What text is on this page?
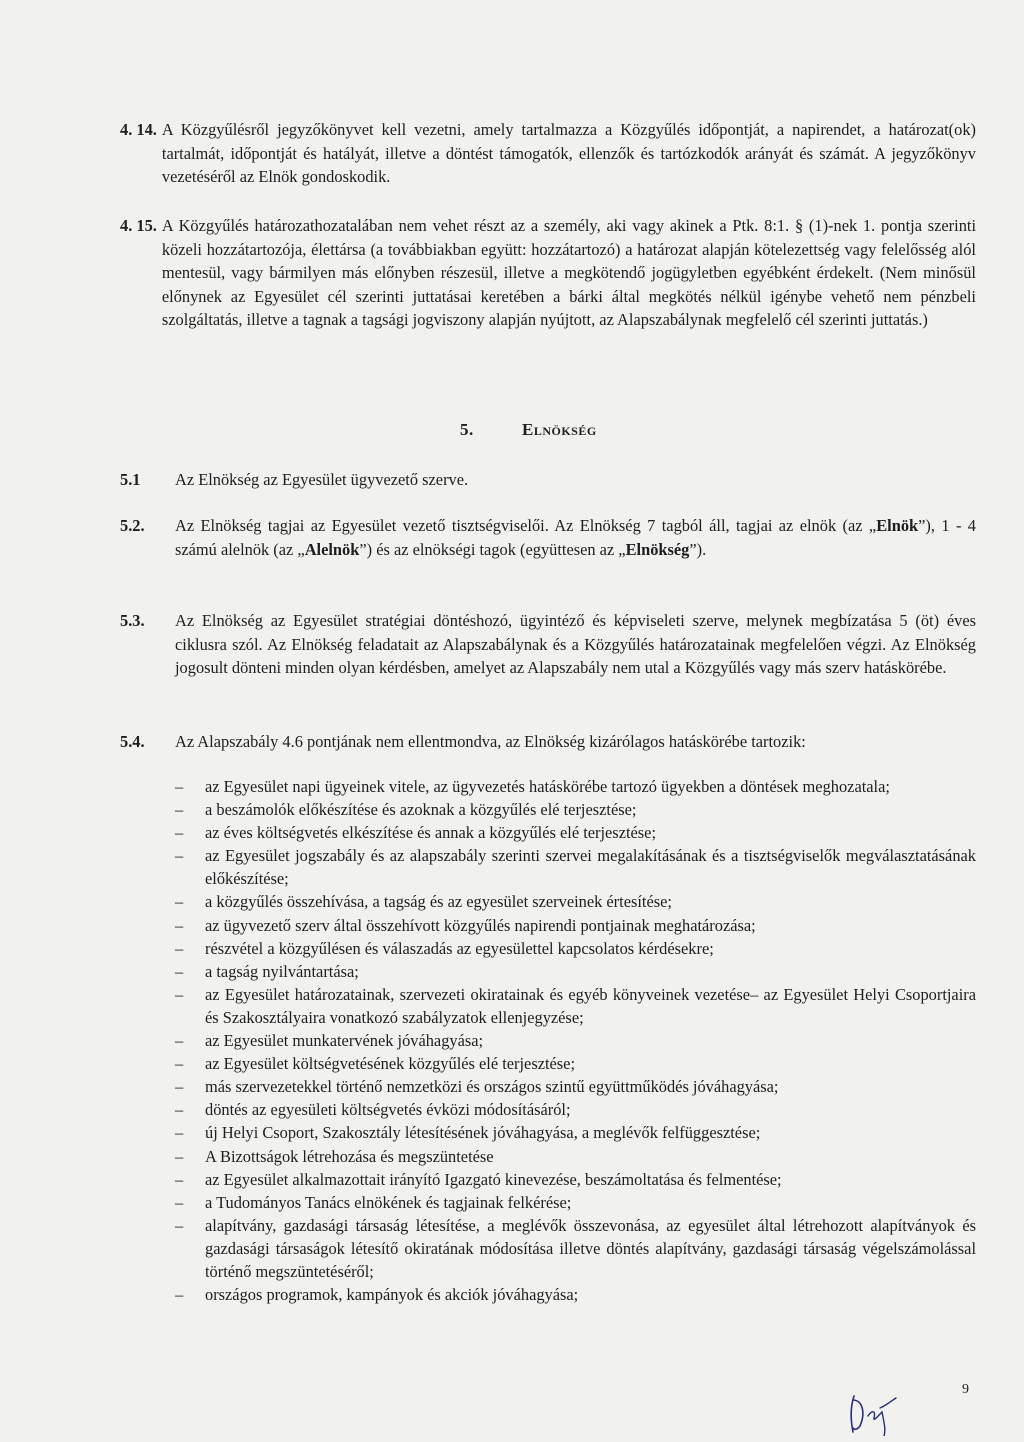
4. 14. A Közgyűlésről jegyzőkönyvet kell vezetni, amely tartalmazza a Közgyűlés időpontját, a napirendet, a határozat(ok) tartalmát, időpontját és hatályát, illetve a döntést támogatók, ellenzők és tartózkodók arányát és számát. A jegyzőkönyv vezetéséről az Elnök gondoskodik.
4. 15. A Közgyűlés határozathozatalában nem vehet részt az a személy, aki vagy akinek a Ptk. 8:1. § (1)-nek 1. pontja szerinti közeli hozzátartozója, élettársa (a továbbiakban együtt: hozzátartozó) a határozat alapján kötelezettség vagy felelősség alól mentesül, vagy bármilyen más előnyben részesül, illetve a megkötendő jogügyletben egyébként érdekelt. (Nem minősül előnynek az Egyesület cél szerinti juttatásai keretében a bárki által megkötés nélkül igénybe vehető nem pénzbeli szolgáltatás, illetve a tagnak a tagsági jogviszony alapján nyújtott, az Alapszabálynak megfelelő cél szerinti juttatás.)
5.	Elnökség
5.1	Az Elnökség az Egyesület ügyvezető szerve.
5.2.	Az Elnökség tagjai az Egyesület vezető tisztségviselői. Az Elnökség 7 tagból áll, tagjai az elnök (az „Elnök”), 1 - 4 számú alelnök (az „Alelnök”) és az elnökségi tagok (együttesen az „Elnökség”).
5.3.	Az Elnökség az Egyesület stratégiai döntéshozó, ügyintéző és képviseleti szerve, melynek megbízatása 5 (öt) éves ciklusra szól. Az Elnökség feladatait az Alapszabálynak és a Közgyűlés határozatainak megfelelően végzi. Az Elnökség jogosult dönteni minden olyan kérdésben, amelyet az Alapszabály nem utal a Közgyűlés vagy más szerv hatáskörébe.
5.4.	Az Alapszabály 4.6 pontjának nem ellentmondva, az Elnökség kizárólagos hatáskörébe tartozik:
–	az Egyesület napi ügyeinek vitele, az ügyvezetés hatáskörébe tartozó ügyekben a döntések meghozatala;
–	a beszámolók előkészítése és azoknak a közgyűlés elé terjesztése;
–	az éves költségvetés elkészítése és annak a közgyűlés elé terjesztése;
–	az Egyesület jogszabály és az alapszabály szerinti szervei megalakításának és a tisztségviselők megválasztatásának előkészítése;
–	a közgyűlés összehívása, a tagság és az egyesület szerveinek értesítése;
–	az ügyvezető szerv által összehívott közgyűlés napirendi pontjainak meghatározása;
–	részvétel a közgyűlésen és válaszadás az egyesülettel kapcsolatos kérdésekre;
–	a tagság nyilvántartása;
–	az Egyesület határozatainak, szervezeti okiratainak és egyéb könyveinek vezetése– az Egyesület Helyi Csoportjaira és Szakosztályaira vonatkozó szabályzatok ellenjegyzése;
–	az Egyesület munkatervének jóváhagyása;
–	az Egyesület költségvetésének közgyűlés elé terjesztése;
–	más szervezetekkel történő nemzetközi és országos szintű együttműködés jóváhagyása;
–	döntés az egyesületi költségvetés évközi módosításáról;
–	új Helyi Csoport, Szakosztály létesítésének jóváhagyása, a meglévők felfüggesztése;
–	A Bizottságok létrehozása és megszüntetése
–	az Egyesület alkalmazottait irányító Igazgató kinevezése, beszámoltatása és felmentése;
–	a Tudományos Tanács elnökének és tagjainak felkérése;
–	alapítvány, gazdasági társaság létesítése, a meglévők összevonása, az egyesület által létrehozott alapítványok és gazdasági társaságok létesítő okiratának módosítása illetve döntés alapítvány, gazdasági társaság végelszámolással történő megszüntetéséről;
–	országos programok, kampányok és akciók jóváhagyása;
9
